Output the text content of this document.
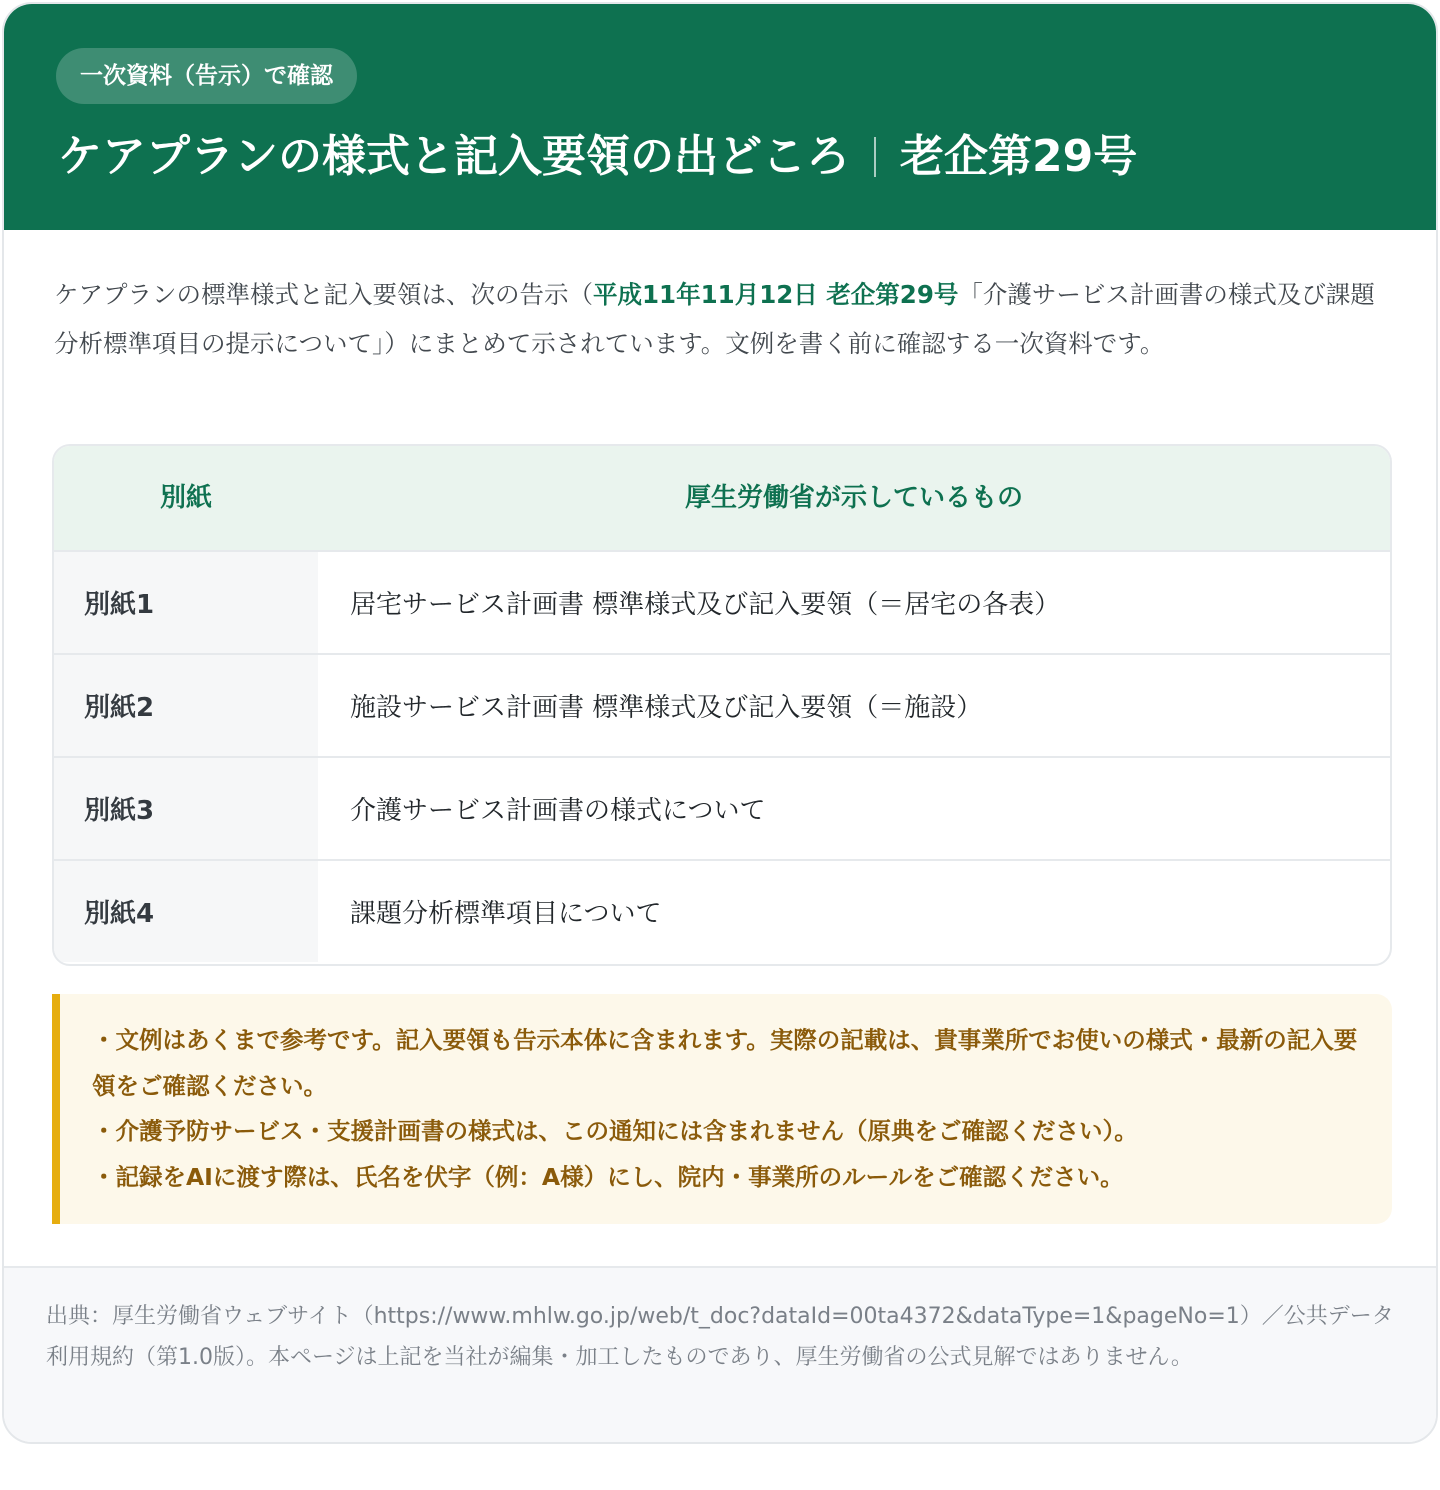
一次資料（告示）で確認
ケアプランの様式と記入要領の出どころ 老企第29号

ケアプランの標準様式と記入要領は、次の告示（平成11年11月12日 老企第29号「介護サービス計画書の様式及び課題分析標準項目の提示について」）にまとめて示されています。文例を書く前に確認する一次資料です。

別紙	厚生労働省が示しているもの
別紙1	居宅サービス計画書 標準様式及び記入要領（＝居宅の各表）
別紙2	施設サービス計画書 標準様式及び記入要領（＝施設）
別紙3	介護サービス計画書の様式について
別紙4	課題分析標準項目について

・文例はあくまで参考です。記入要領も告示本体に含まれます。実際の記載は、貴事業所でお使いの様式・最新の記入要領をご確認ください。

・介護予防サービス・支援計画書の様式は、この通知には含まれません（原典をご確認ください）。

・記録をAIに渡す際は、氏名を伏字（例：A様）にし、院内・事業所のルールをご確認ください。

出典：厚生労働省ウェブサイト（https://www.mhlw.go.jp/web/t_doc?dataId=00ta4372&dataType=1&pageNo=1）／公共データ利用規約（第1.0版）。本ページは上記を当社が編集・加工したものであり、厚生労働省の公式見解ではありません。
